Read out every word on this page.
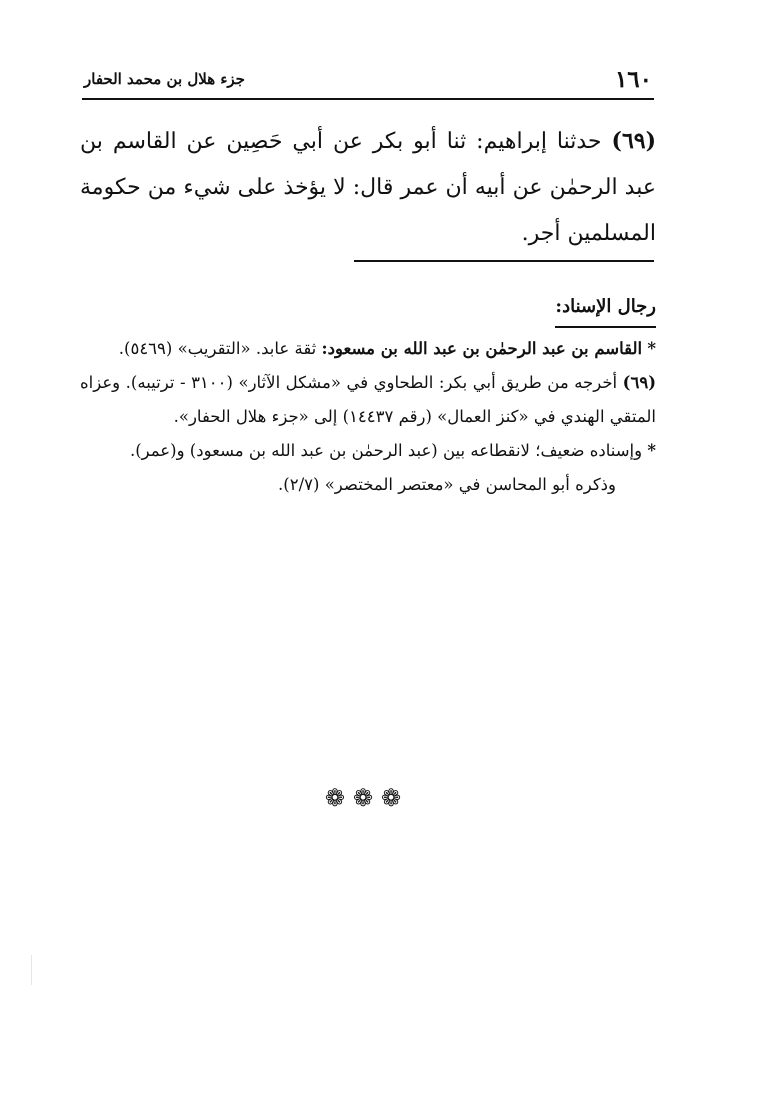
١٦٠
جزء هلال بن محمد الحفار
(٦٩) حدثنا إبراهيم: ثنا أبو بكر عن أبي حَصِين عن القاسم بن عبد الرحمٰن عن أبيه أن عمر قال: لا يؤخذ على شيء من حكومة المسلمين أجر.
رجال الإسناد:

* القاسم بن عبد الرحمٰن بن عبد الله بن مسعود: ثقة عابد. «التقريب» (٥٤٦٩).

(٦٩) أخرجه من طريق أبي بكر: الطحاوي في «مشكل الآثار» (٣١٠٠ - ترتيبه). وعزاه المتقي الهندي في «كنز العمال» (رقم ١٤٤٣٧) إلى «جزء هلال الحفار».

* وإسناده ضعيف؛ لانقطاعه بين (عبد الرحمٰن بن عبد الله بن مسعود) و(عمر).

وذكره أبو المحاسن في «معتصر المختصر» (٢/٧).

❁❁❁
